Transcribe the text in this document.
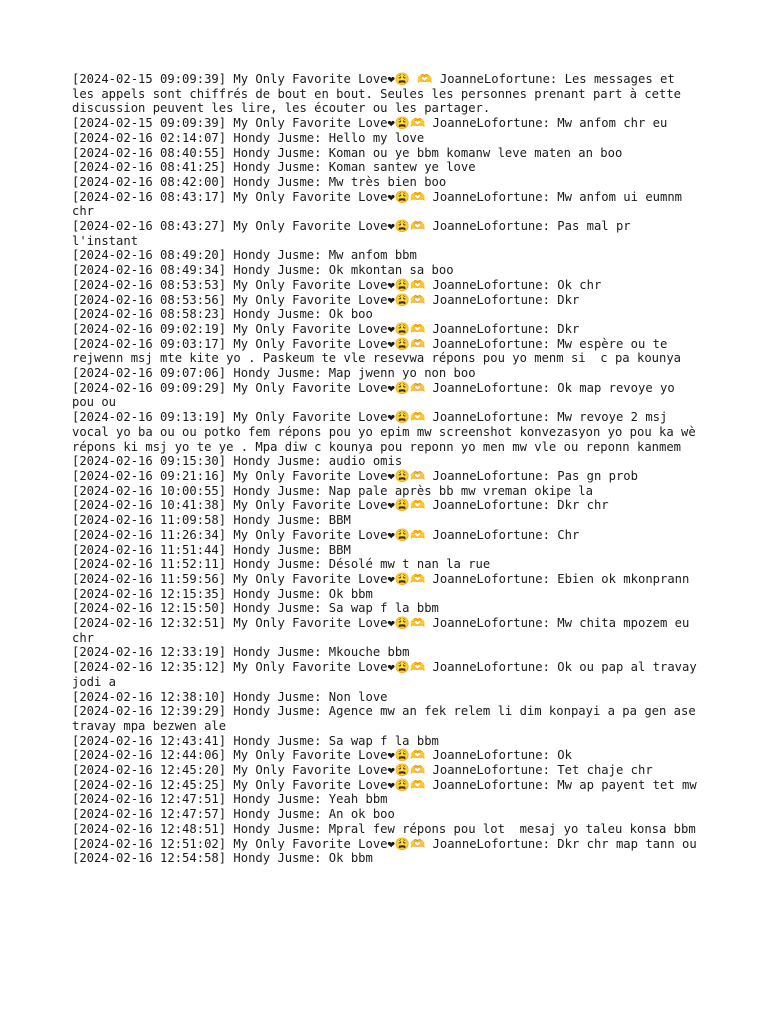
[2024-02-15 09:09:39] My Only Favorite Love❤😩 🫶 JoanneLofortune: Les messages et les appels sont chiffrés de bout en bout. Seules les personnes prenant part à cette discussion peuvent les lire, les écouter ou les partager.
[2024-02-15 09:09:39] My Only Favorite Love❤😩🫶 JoanneLofortune: Mw anfom chr eu
[2024-02-16 02:14:07] Hondy Jusme: Hello my love
[2024-02-16 08:40:55] Hondy Jusme: Koman ou ye bbm komanw leve maten an boo
[2024-02-16 08:41:25] Hondy Jusme: Koman santew ye love
[2024-02-16 08:42:00] Hondy Jusme: Mw très bien boo
[2024-02-16 08:43:17] My Only Favorite Love❤😩🫶 JoanneLofortune: Mw anfom ui eumnm chr
[2024-02-16 08:43:27] My Only Favorite Love❤😩🫶 JoanneLofortune: Pas mal pr l'instant
[2024-02-16 08:49:20] Hondy Jusme: Mw anfom bbm
[2024-02-16 08:49:34] Hondy Jusme: Ok mkontan sa boo
[2024-02-16 08:53:53] My Only Favorite Love❤😩🫶 JoanneLofortune: Ok chr
[2024-02-16 08:53:56] My Only Favorite Love❤😩🫶 JoanneLofortune: Dkr
[2024-02-16 08:58:23] Hondy Jusme: Ok boo
[2024-02-16 09:02:19] My Only Favorite Love❤😩🫶 JoanneLofortune: Dkr
[2024-02-16 09:03:17] My Only Favorite Love❤😩🫶 JoanneLofortune: Mw espère ou te rejwenn msj mte kite yo . Paskeum te vle resevwa répons pou yo menm si  c pa kounya
[2024-02-16 09:07:06] Hondy Jusme: Map jwenn yo non boo
[2024-02-16 09:09:29] My Only Favorite Love❤😩🫶 JoanneLofortune: Ok map revoye yo pou ou
[2024-02-16 09:13:19] My Only Favorite Love❤😩🫶 JoanneLofortune: Mw revoye 2 msj vocal yo ba ou ou potko fem répons pou yo epim mw screenshot konvezasyon yo pou ka wè répons ki msj yo te ye . Mpa diw c kounya pou reponn yo men mw vle ou reponn kanmem
[2024-02-16 09:15:30] Hondy Jusme: audio omis
[2024-02-16 09:21:16] My Only Favorite Love❤😩🫶 JoanneLofortune: Pas gn prob
[2024-02-16 10:00:55] Hondy Jusme: Nap pale après bb mw vreman okipe la
[2024-02-16 10:41:38] My Only Favorite Love❤😩🫶 JoanneLofortune: Dkr chr
[2024-02-16 11:09:58] Hondy Jusme: BBM
[2024-02-16 11:26:34] My Only Favorite Love❤😩🫶 JoanneLofortune: Chr
[2024-02-16 11:51:44] Hondy Jusme: BBM
[2024-02-16 11:52:11] Hondy Jusme: Désolé mw t nan la rue
[2024-02-16 11:59:56] My Only Favorite Love❤😩🫶 JoanneLofortune: Ebien ok mkonprann
[2024-02-16 12:15:35] Hondy Jusme: Ok bbm
[2024-02-16 12:15:50] Hondy Jusme: Sa wap f la bbm
[2024-02-16 12:32:51] My Only Favorite Love❤😩🫶 JoanneLofortune: Mw chita mpozem eu chr
[2024-02-16 12:33:19] Hondy Jusme: Mkouche bbm
[2024-02-16 12:35:12] My Only Favorite Love❤😩🫶 JoanneLofortune: Ok ou pap al travay jodi a
[2024-02-16 12:38:10] Hondy Jusme: Non love
[2024-02-16 12:39:29] Hondy Jusme: Agence mw an fek relem li dim konpayi a pa gen ase travay mpa bezwen ale
[2024-02-16 12:43:41] Hondy Jusme: Sa wap f la bbm
[2024-02-16 12:44:06] My Only Favorite Love❤😩🫶 JoanneLofortune: Ok
[2024-02-16 12:45:20] My Only Favorite Love❤😩🫶 JoanneLofortune: Tet chaje chr
[2024-02-16 12:45:25] My Only Favorite Love❤😩🫶 JoanneLofortune: Mw ap payent tet mw
[2024-02-16 12:47:51] Hondy Jusme: Yeah bbm
[2024-02-16 12:47:57] Hondy Jusme: An ok boo
[2024-02-16 12:48:51] Hondy Jusme: Mpral few répons pou lot  mesaj yo taleu konsa bbm
[2024-02-16 12:51:02] My Only Favorite Love❤😩🫶 JoanneLofortune: Dkr chr map tann ou
[2024-02-16 12:54:58] Hondy Jusme: Ok bbm
